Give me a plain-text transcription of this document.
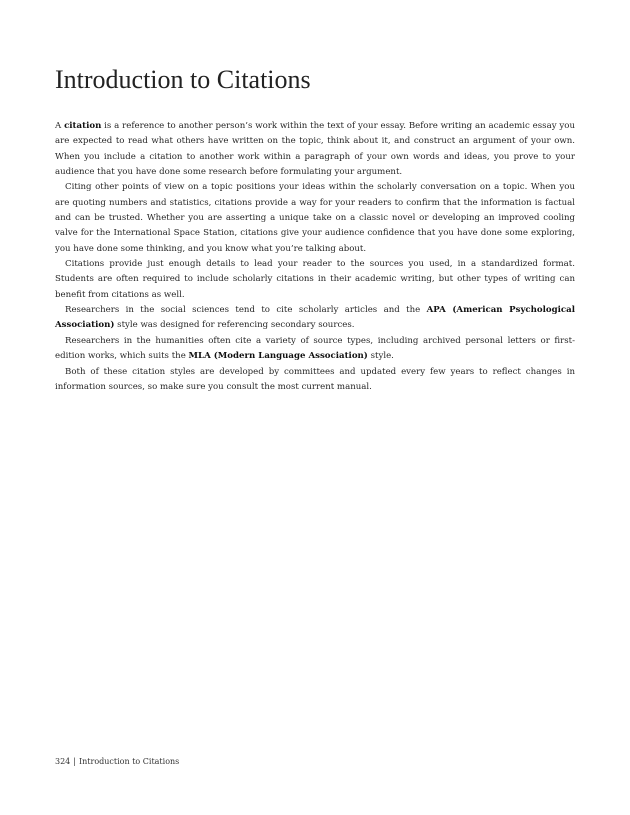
Introduction to Citations

A citation is a reference to another person’s work within the text of your essay. Before writing an academic essay you are expected to read what others have written on the topic, think about it, and construct an argument of your own. When you include a citation to another work within a paragraph of your own words and ideas, you prove to your audience that you have done some research before formulating your argument.

Citing other points of view on a topic positions your ideas within the scholarly conversation on a topic. When you are quoting numbers and statistics, citations provide a way for your readers to confirm that the information is factual and can be trusted. Whether you are asserting a unique take on a classic novel or developing an improved cooling valve for the International Space Station, citations give your audience confidence that you have done some exploring, you have done some thinking, and you know what you’re talking about.

Citations provide just enough details to lead your reader to the sources you used, in a standardized format. Students are often required to include scholarly citations in their academic writing, but other types of writing can benefit from citations as well.

Researchers in the social sciences tend to cite scholarly articles and the APA (American Psychological Association) style was designed for referencing secondary sources.

Researchers in the humanities often cite a variety of source types, including archived personal letters or first-edition works, which suits the MLA (Modern Language Association) style.

Both of these citation styles are developed by committees and updated every few years to reflect changes in information sources, so make sure you consult the most current manual.

324 | Introduction to Citations
